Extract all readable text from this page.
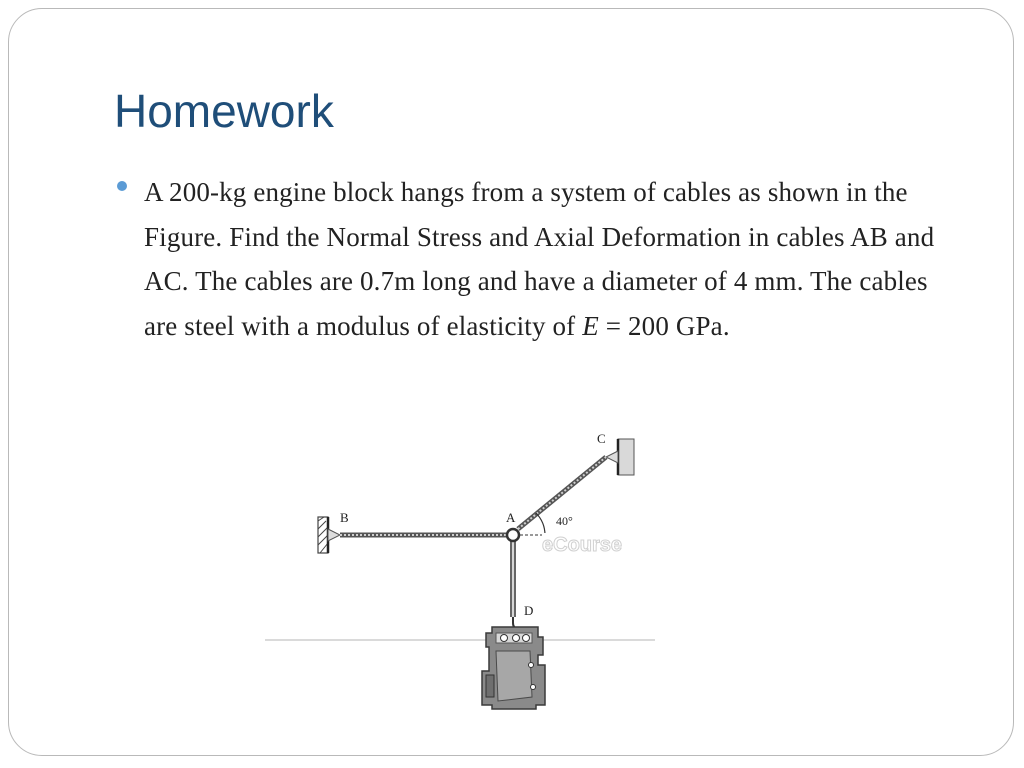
Homework
A 200-kg engine block hangs from a system of cables as shown in the Figure. Find the Normal Stress and Axial Deformation in cables AB and AC. The cables are 0.7m long and have a diameter of 4 mm. The cables are steel with a modulus of elasticity of E = 200 GPa.
40°
eCourse
B	A
C
D
